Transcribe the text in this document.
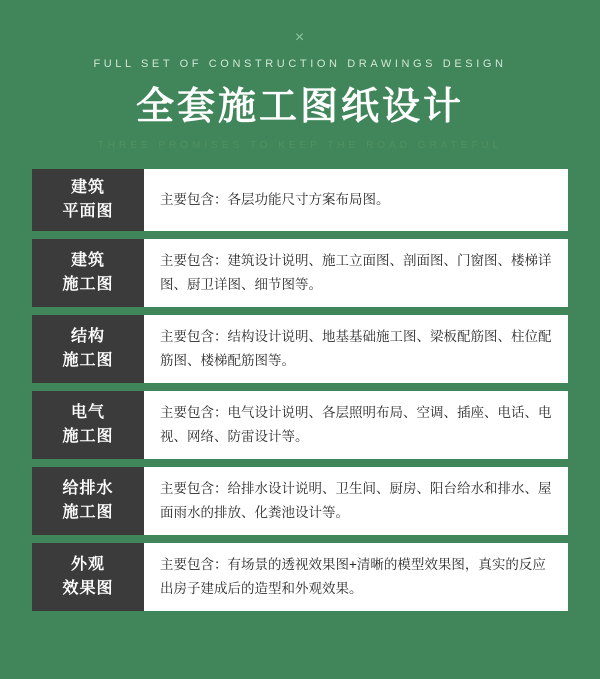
×
FULL SET OF CONSTRUCTION DRAWINGS DESIGN
全套施工图纸设计
THREE PROMISES TO KEEP THE ROAD GRATEFUL
建筑
平面图
主要包含：各层功能尺寸方案布局图。
建筑
施工图
主要包含：建筑设计说明、施工立面图、剖面图、门窗图、楼梯详图、厨卫详图、细节图等。
结构
施工图
主要包含：结构设计说明、地基基础施工图、梁板配筋图、柱位配筋图、楼梯配筋图等。
电气
施工图
主要包含：电气设计说明、各层照明布局、空调、插座、电话、电视、网络、防雷设计等。
给排水
施工图
主要包含：给排水设计说明、卫生间、厨房、阳台给水和排水、屋面雨水的排放、化粪池设计等。
外观
效果图
主要包含：有场景的透视效果图+清晰的模型效果图，真实的反应出房子建成后的造型和外观效果。
